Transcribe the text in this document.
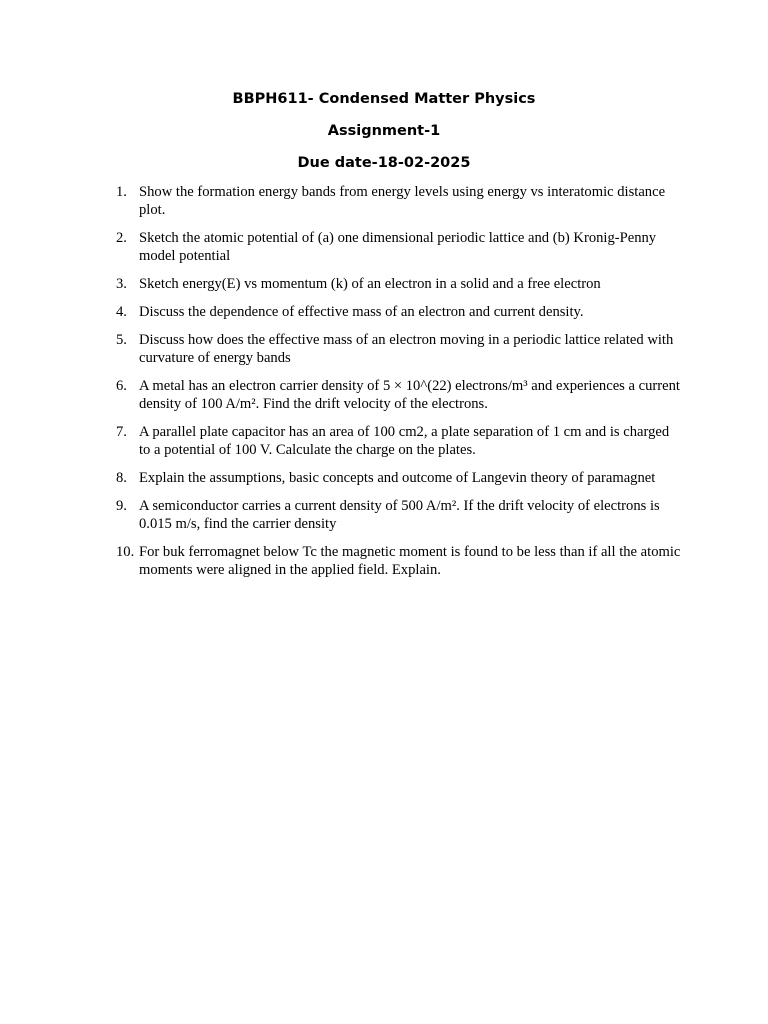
BBPH611- Condensed Matter Physics
Assignment-1
Due date-18-02-2025
1. Show the formation energy bands from energy levels using energy vs interatomic distance plot.
2. Sketch the atomic potential of (a) one dimensional periodic lattice and (b) Kronig-Penny model potential
3. Sketch energy(E) vs momentum (k) of an electron in a solid and a free electron
4. Discuss the dependence of effective mass of an electron and current density.
5. Discuss how does the effective mass of an electron moving in a periodic lattice related with curvature of energy bands
6. A metal has an electron carrier density of 5 × 10^(22) electrons/m³ and experiences a current density of 100 A/m². Find the drift velocity of the electrons.
7. A parallel plate capacitor has an area of 100 cm2, a plate separation of 1 cm and is charged to a potential of 100 V. Calculate the charge on the plates.
8. Explain the assumptions, basic concepts and outcome of Langevin theory of paramagnet
9. A semiconductor carries a current density of 500 A/m². If the drift velocity of electrons is 0.015 m/s, find the carrier density
10. For buk ferromagnet below Tc the magnetic moment is found to be less than if all the atomic moments were aligned in the applied field. Explain.
